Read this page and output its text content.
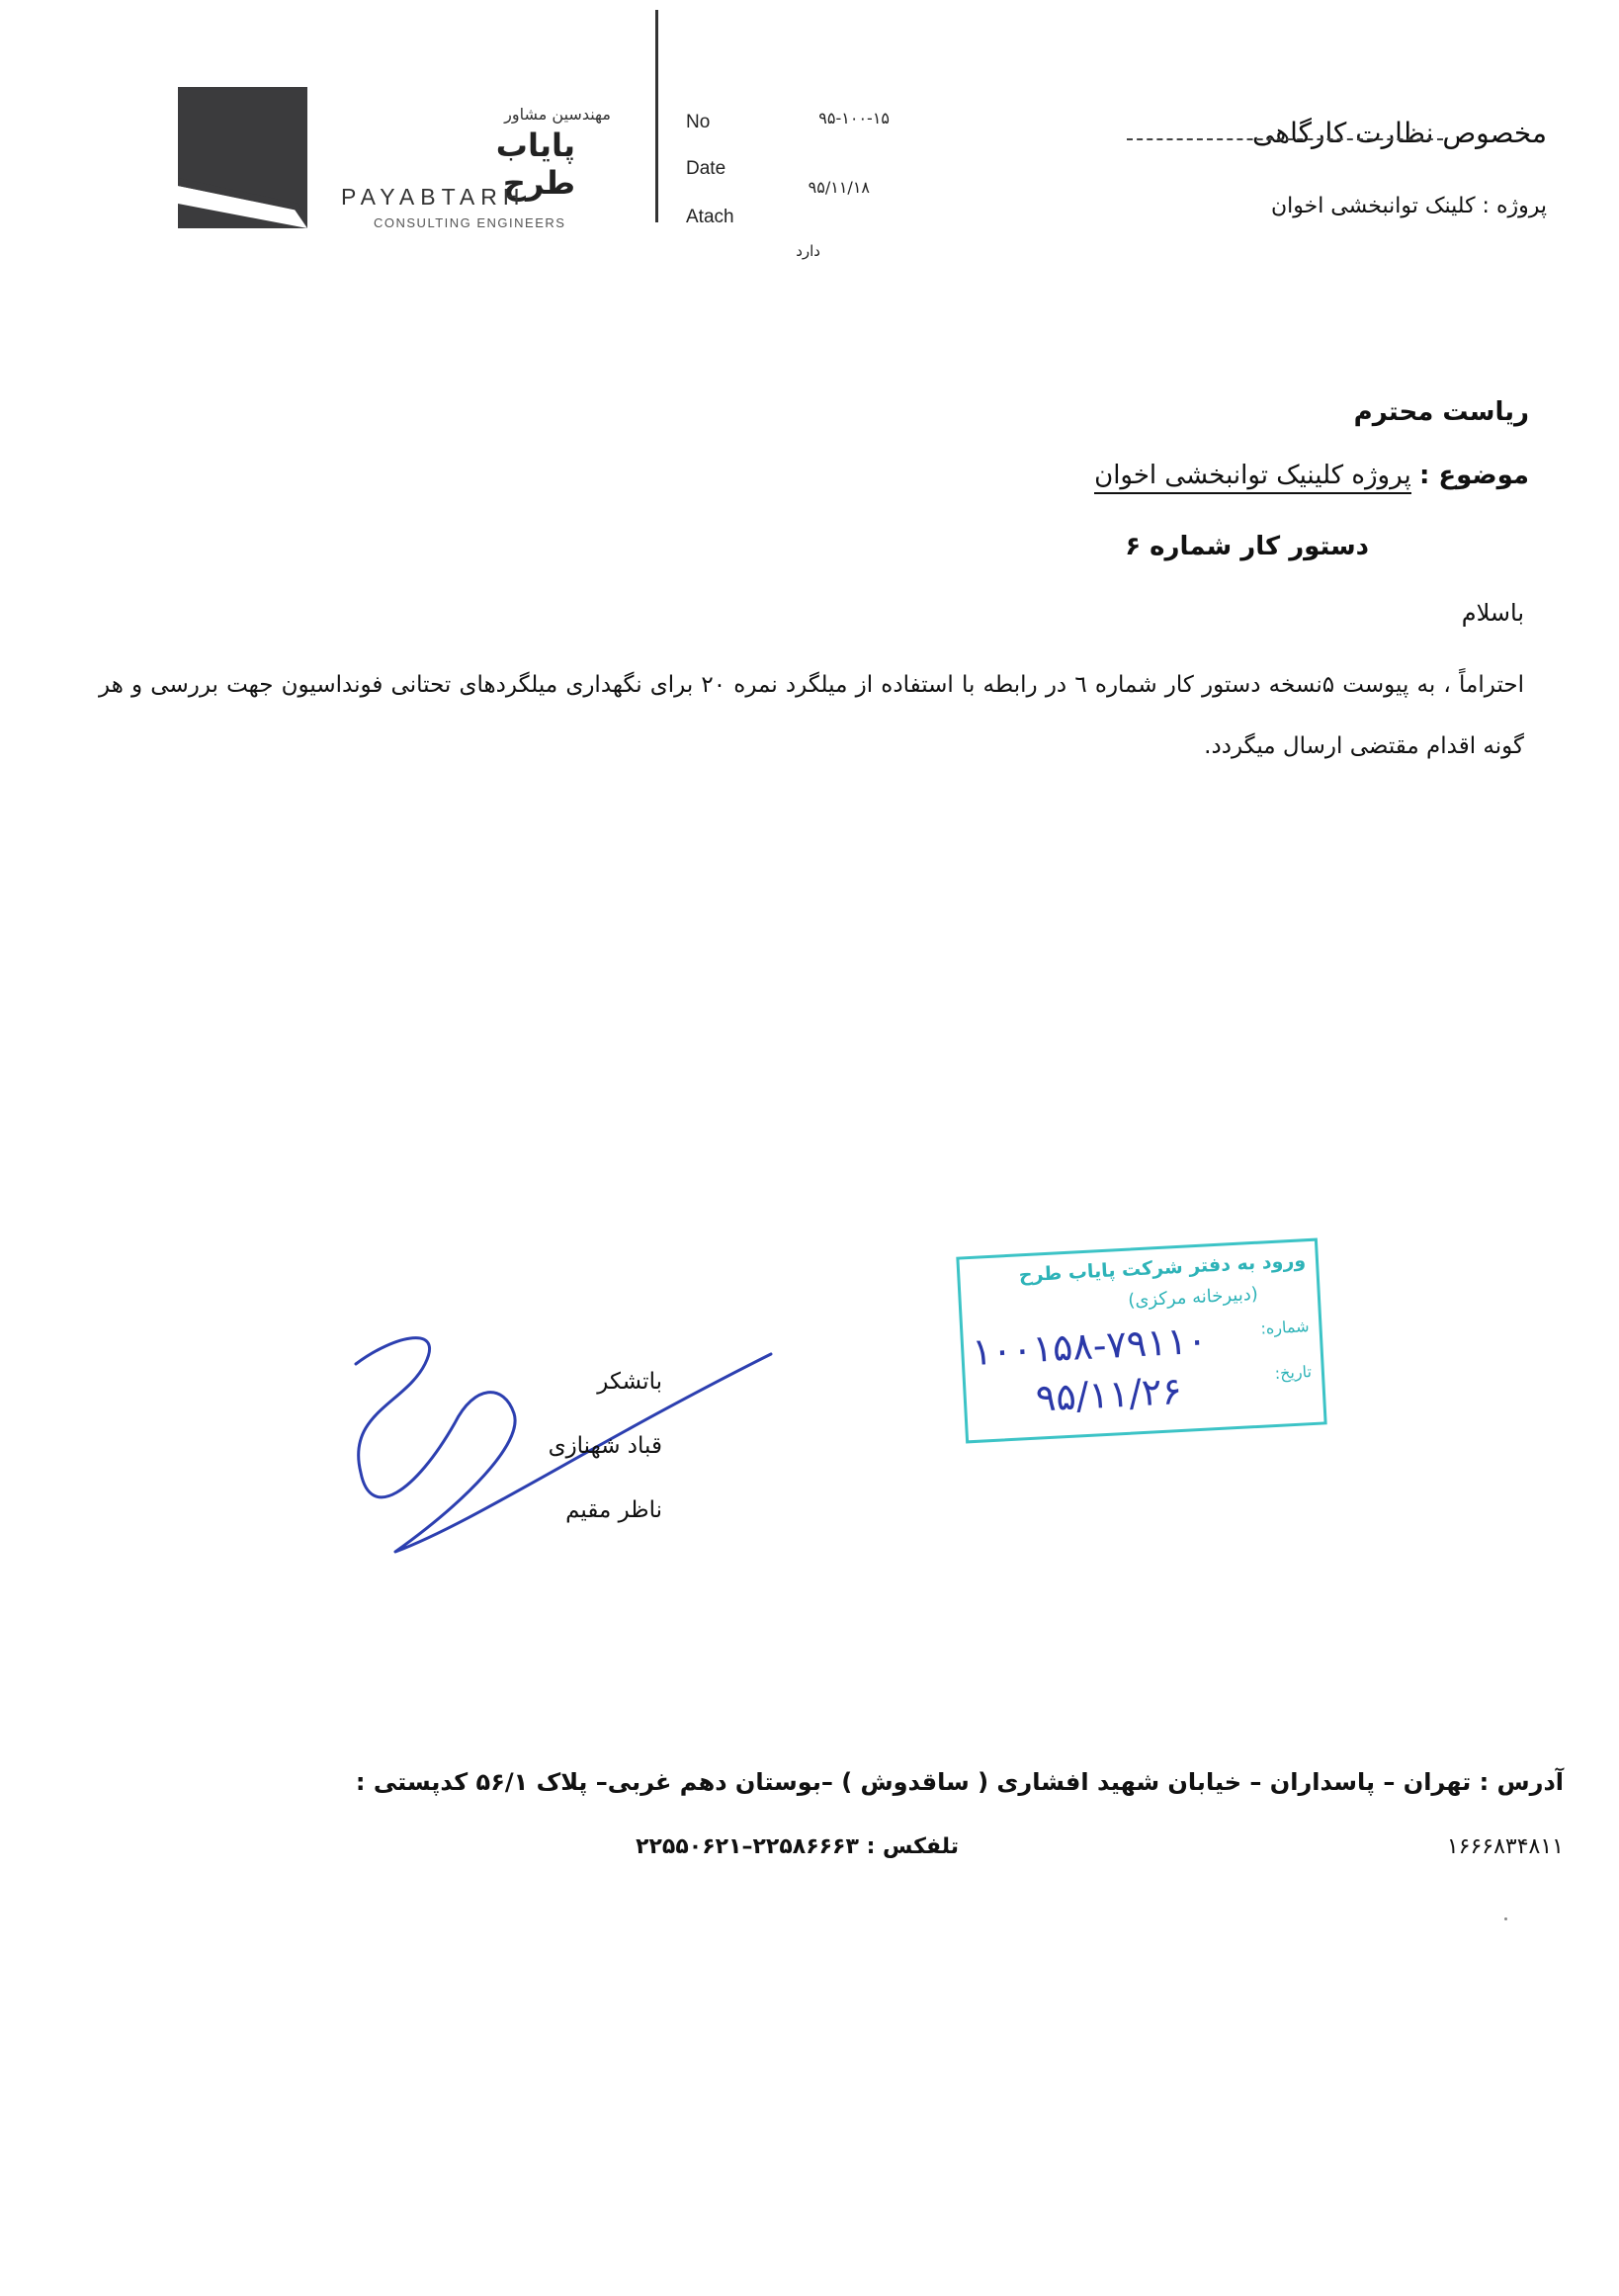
مهندسین مشاور
پایاب طرح
PAYABTARH
CONSULTING ENGINEERS
No
Date
Atach
۹۵-۱۰۰-۱۵
۹۵/۱۱/۱۸
دارد
مخصوص نظارت کارگاهی
پروژه : کلینک توانبخشی اخوان
ریاست محترم
موضوع : پروژه کلینیک توانبخشی اخوان
دستور کار شماره ۶
باسلام
احتراماً ، به پیوست ۵نسخه دستور کار شماره ٦ در رابطه با استفاده از میلگرد نمره ۲۰ برای نگهداری میلگردهای تحتانی فونداسیون جهت بررسی و هر گونه اقدام مقتضی ارسال میگردد.
باتشکر
قباد شهنازی
ناظر مقیم
ورود به دفتر شرکت پایاب طرح
(دبیرخانه مرکزی)
شماره:
تاریخ:
۱۰۰۱۵۸-۷۹۱۱۰
۹۵/۱۱/۲۶
آدرس : تهران – پاسداران – خیابان شهید افشاری ( ساقدوش ) –بوستان دهم غربی– پلاک ۵۶/۱ کدپستی :
تلفکس : ۲۲۵۸۶۶۶۳–۲۲۵۵۰۶۲۱	۱۶۶۶۸۳۴۸۱۱
